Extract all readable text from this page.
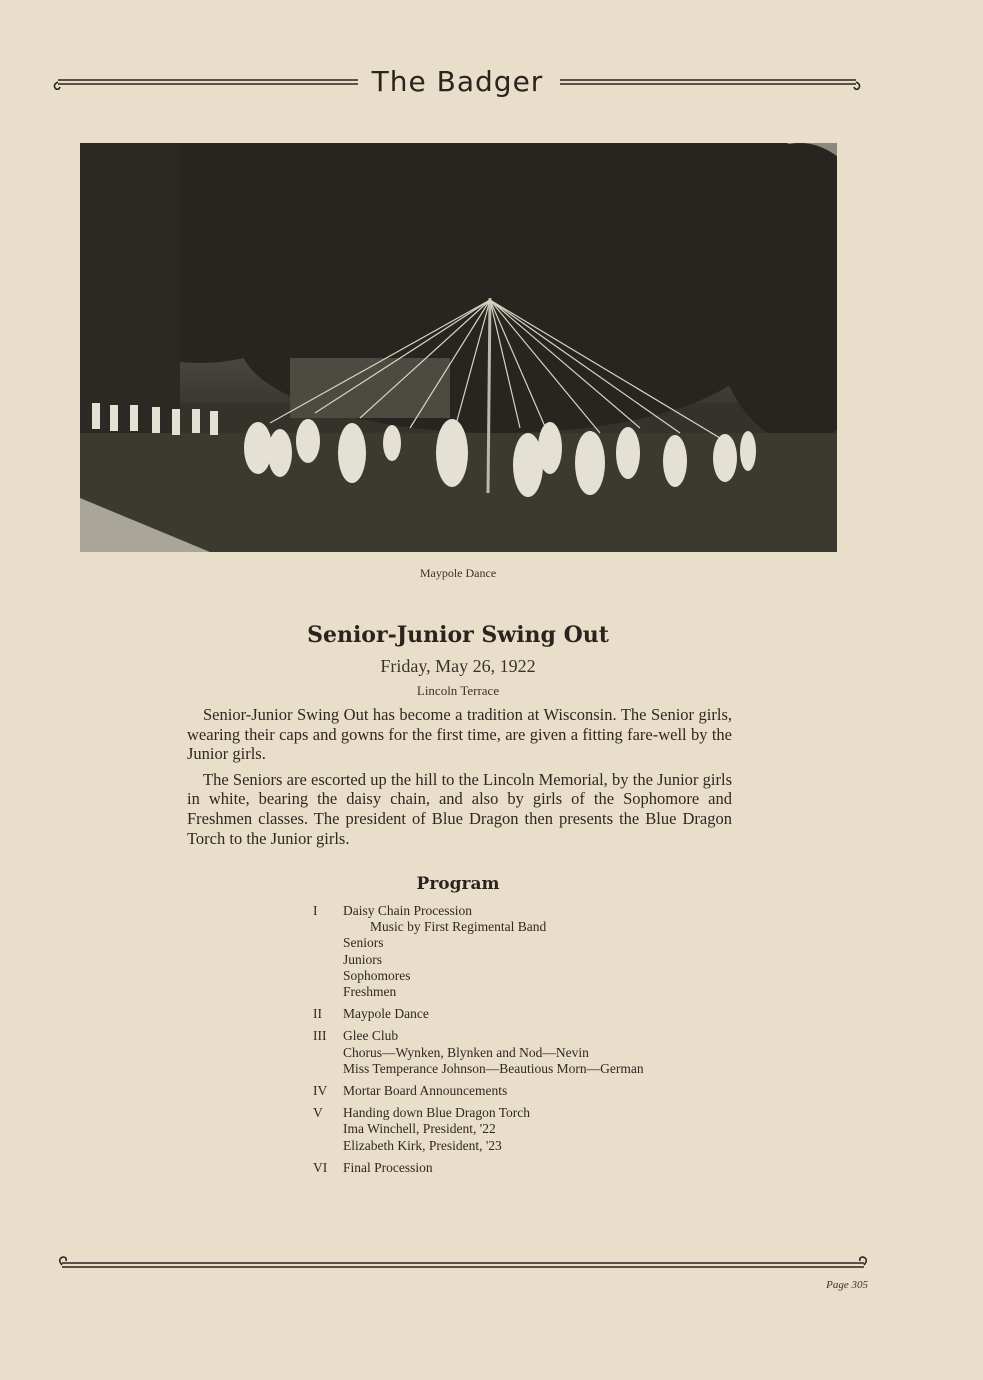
The Badger
Maypole Dance
Senior-Junior Swing Out
Friday, May 26, 1922
Lincoln Terrace

Senior-Junior Swing Out has become a tradition at Wisconsin. The Senior girls, wearing their caps and gowns for the first time, are given a fitting fare-well by the Junior girls.

The Seniors are escorted up the hill to the Lincoln Memorial, by the Junior girls in white, bearing the daisy chain, and also by girls of the Sophomore and Freshmen classes. The president of Blue Dragon then presents the Blue Dragon Torch to the Junior girls.

Program
I	Daisy Chain Procession
Music by First Regimental Band
Seniors
Juniors
Sophomores
Freshmen
II	Maypole Dance
III	Glee Club
Chorus—Wynken, Blynken and Nod—Nevin
Miss Temperance Johnson—Beautious Morn—German
IV	Mortar Board Announcements
V	Handing down Blue Dragon Torch
Ima Winchell, President, '22
Elizabeth Kirk, President, '23
VI	Final Procession
Page 305
